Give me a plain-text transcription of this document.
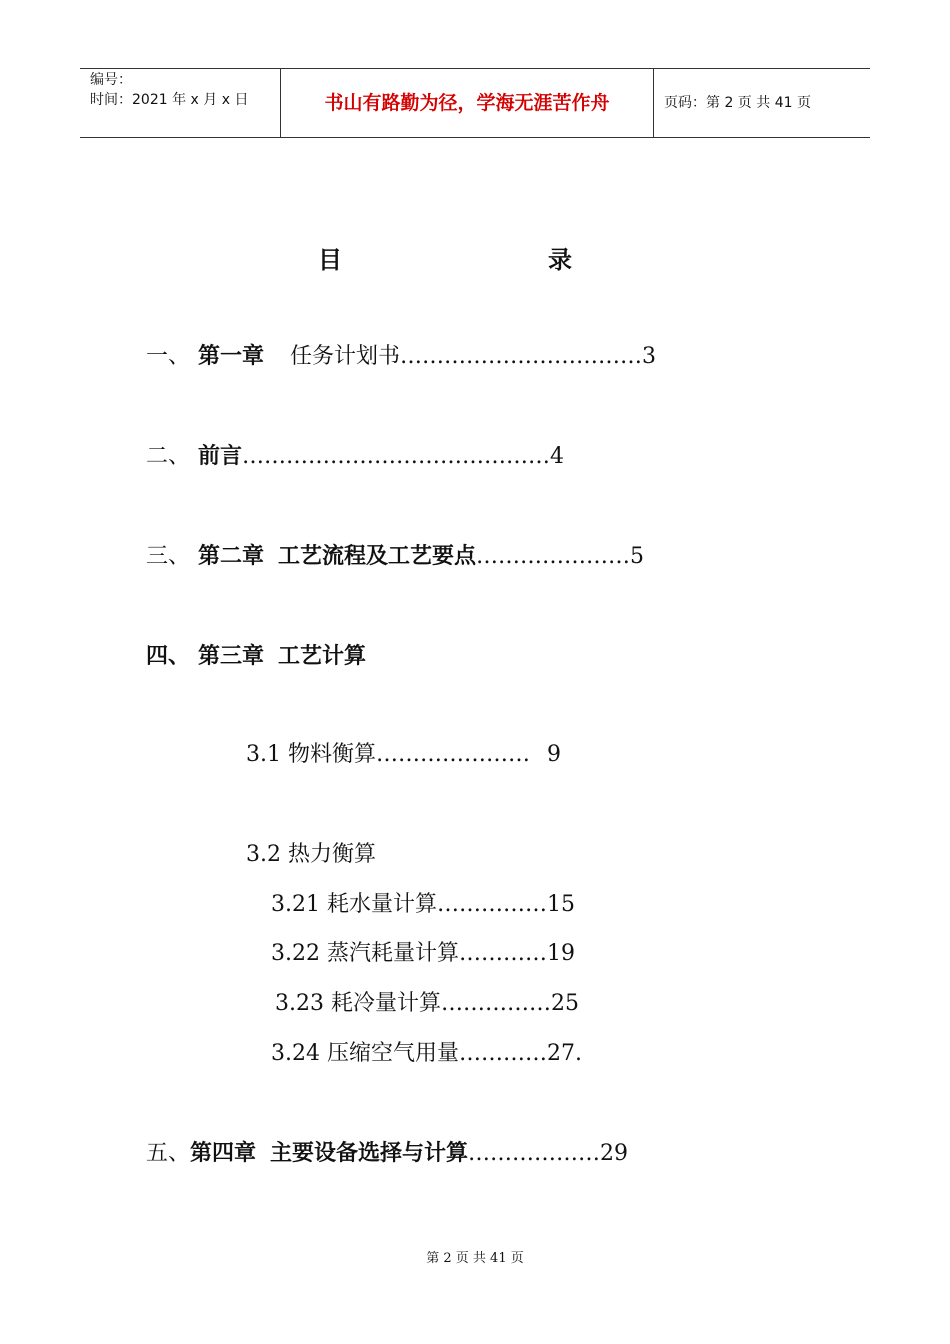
编号：
时间：2021 年 x 月 x 日	书山有路勤为径，学海无涯苦作舟	页码：第 2 页 共 41 页
目	录
一、 第一章 任务计划书……………………………3
二、 前言……………………………………4
三、 第二章 工艺流程及工艺要点…………………5
四、 第三章 工艺计算
3.1 物料衡算………………… 9
3.2 热力衡算
3.21 耗水量计算……………15
3.22 蒸汽耗量计算…………19
3.23 耗冷量计算……………25
3.24 压缩空气用量…………27.
五、第四章 主要设备选择与计算………………29
第 2 页 共 41 页
